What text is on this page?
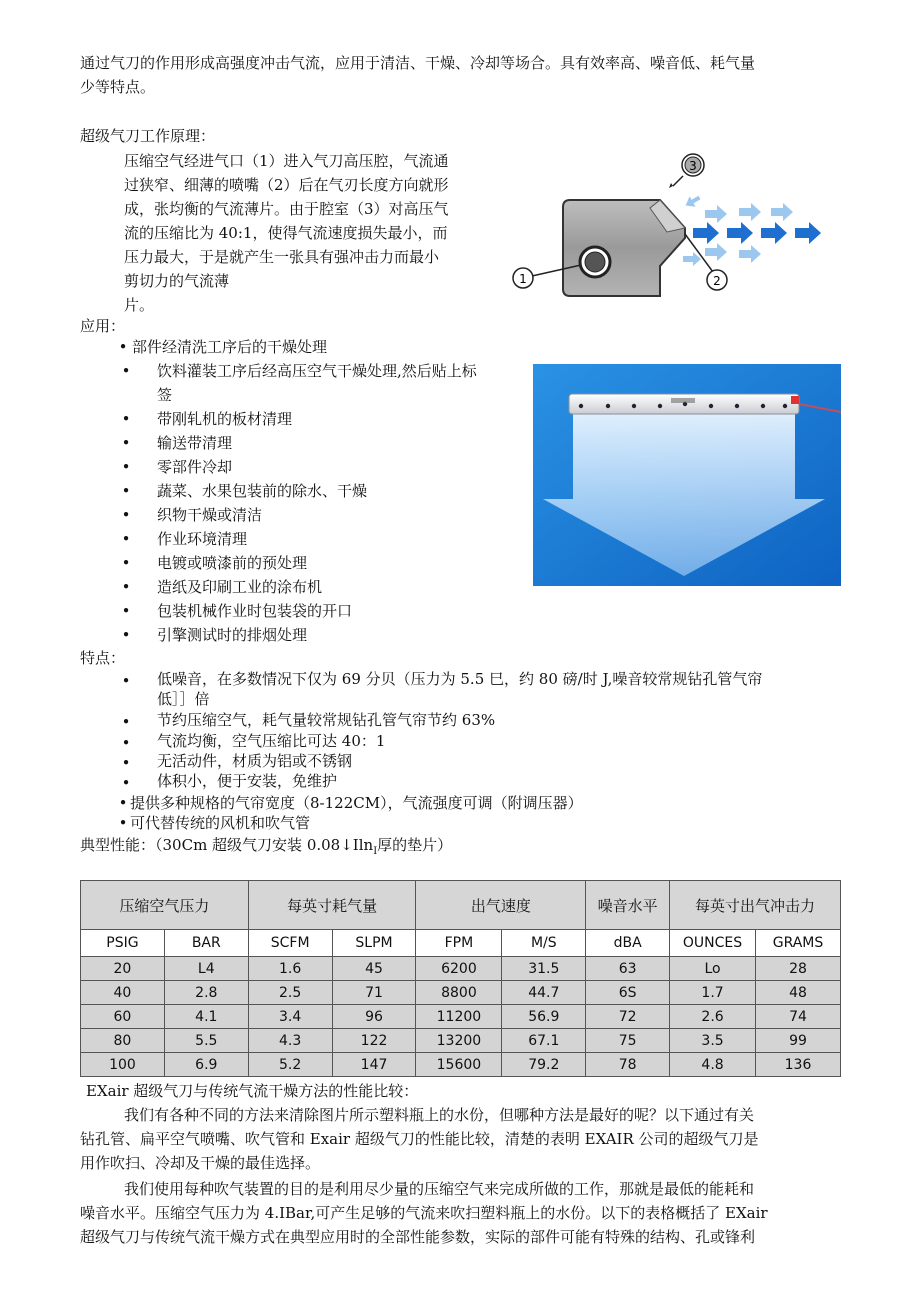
通过气刀的作用形成高强度冲击气流，应用于清洁、干燥、冷却等场合。具有效率高、噪音低、耗气量
少等特点。
超级气刀工作原理：
压缩空气经进气口（1）进入气刀高压腔，气流通
过狭窄、细薄的喷嘴（2）后在气刃长度方向就形
成，张均衡的气流薄片。由于腔室（3）对高压气
流的压缩比为 40:1，使得气流速度损失最小，而
压力最大，于是就产生一张具有强冲击力而最小
剪切力的气流薄
片。
1	2
3
应用：
• 部件经清洗工序后的干燥处理
• 饮料灌装工序后经高压空气干燥处理,然后贴上标
签
• 带刚轧机的板材清理
• 输送带清理
• 零部件冷却
• 蔬菜、水果包装前的除水、干燥
• 织物干燥或清洁
• 作业环境清理
• 电镀或喷漆前的预处理
• 造纸及印刷工业的涂布机
• 包装机械作业时包装袋的开口
• 引擎测试时的排烟处理
特点：
• 低噪音，在多数情况下仅为 69 分贝（压力为 5.5 巳，约 80 磅/时 J,噪音较常规钻孔管气帘
低］］倍
• 节约压缩空气，耗气量较常规钻孔管气帘节约 63%
• 气流均衡，空气压缩比可达 40：1
• 无活动件，材质为铝或不锈钢
• 体积小，便于安装，免维护
• 提供多种规格的气帘宽度（8-122CM），气流强度可调（附调压器）
• 可代替传统的风机和吹气管
典型性能：（30Cm 超级气刀安装 0.08↓Iln$_I$厚的垫片）
压缩空气压力		每英寸耗气量		出气速度		噪音水平	每英寸出气冲击力	
PSIG	BAR	SCFM	SLPM	FPM	M/S	dBA	OUNCES	GRAMS
20	L4	1.6	45	6200	31.5	63	Lo	28
40	2.8	2.5	71	8800	44.7	6S	1.7	48
60	4.1	3.4	96	11200	56.9	72	2.6	74
80	5.5	4.3	122	13200	67.1	75	3.5	99
100	6.9	5.2	147	15600	79.2	78	4.8	136
EXair 超级气刀与传统气流干燥方法的性能比较：
我们有各种不同的方法来清除图片所示塑料瓶上的水份，但哪种方法是最好的呢？以下通过有关
钻孔管、扁平空气喷嘴、吹气管和 Exair 超级气刀的性能比较，清楚的表明 EXAIR 公司的超级气刀是
用作吹扫、冷却及干燥的最佳选择。
我们使用每种吹气装置的目的是利用尽少量的压缩空气来完成所做的工作，那就是最低的能耗和
噪音水平。压缩空气压力为 4.IBar,可产生足够的气流来吹扫塑料瓶上的水份。以下的表格概括了 EXair
超级气刀与传统气流干燥方式在典型应用时的全部性能参数，实际的部件可能有特殊的结构、孔或锋利
